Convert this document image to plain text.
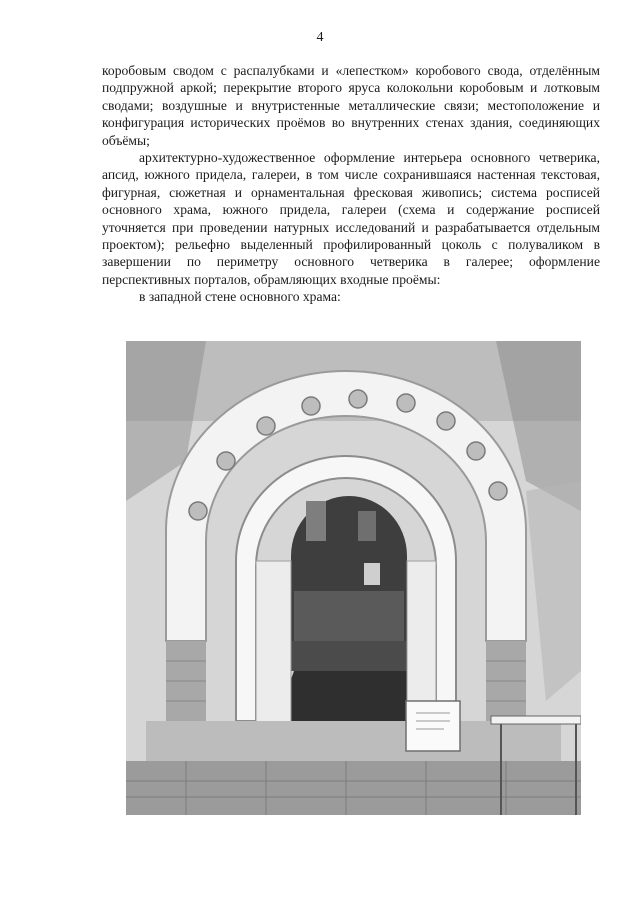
4

коробовым сводом с распалубками и «лепестком» коробового свода, отделённым подпружной аркой; перекрытие второго яруса колокольни коробовым и лотковым сводами; воздушные и внутристенные металлические связи; местоположение и конфигурация исторических проёмов во внутренних стенах здания, соединяющих объёмы;

архитектурно-художественное оформление интерьера основного четверика, апсид, южного придела, галереи, в том числе сохранившаяся настенная текстовая, фигурная, сюжетная и орнаментальная фресковая живопись; система росписей основного храма, южного придела, галереи (схема и содержание росписей уточняется при проведении натурных исследований и разрабатывается отдельным проектом); рельефно выделенный профилированный цоколь с полуваликом в завершении по периметру основного четверика в галерее; оформление перспективных порталов, обрамляющих входные проёмы:

в западной стене основного храма:
